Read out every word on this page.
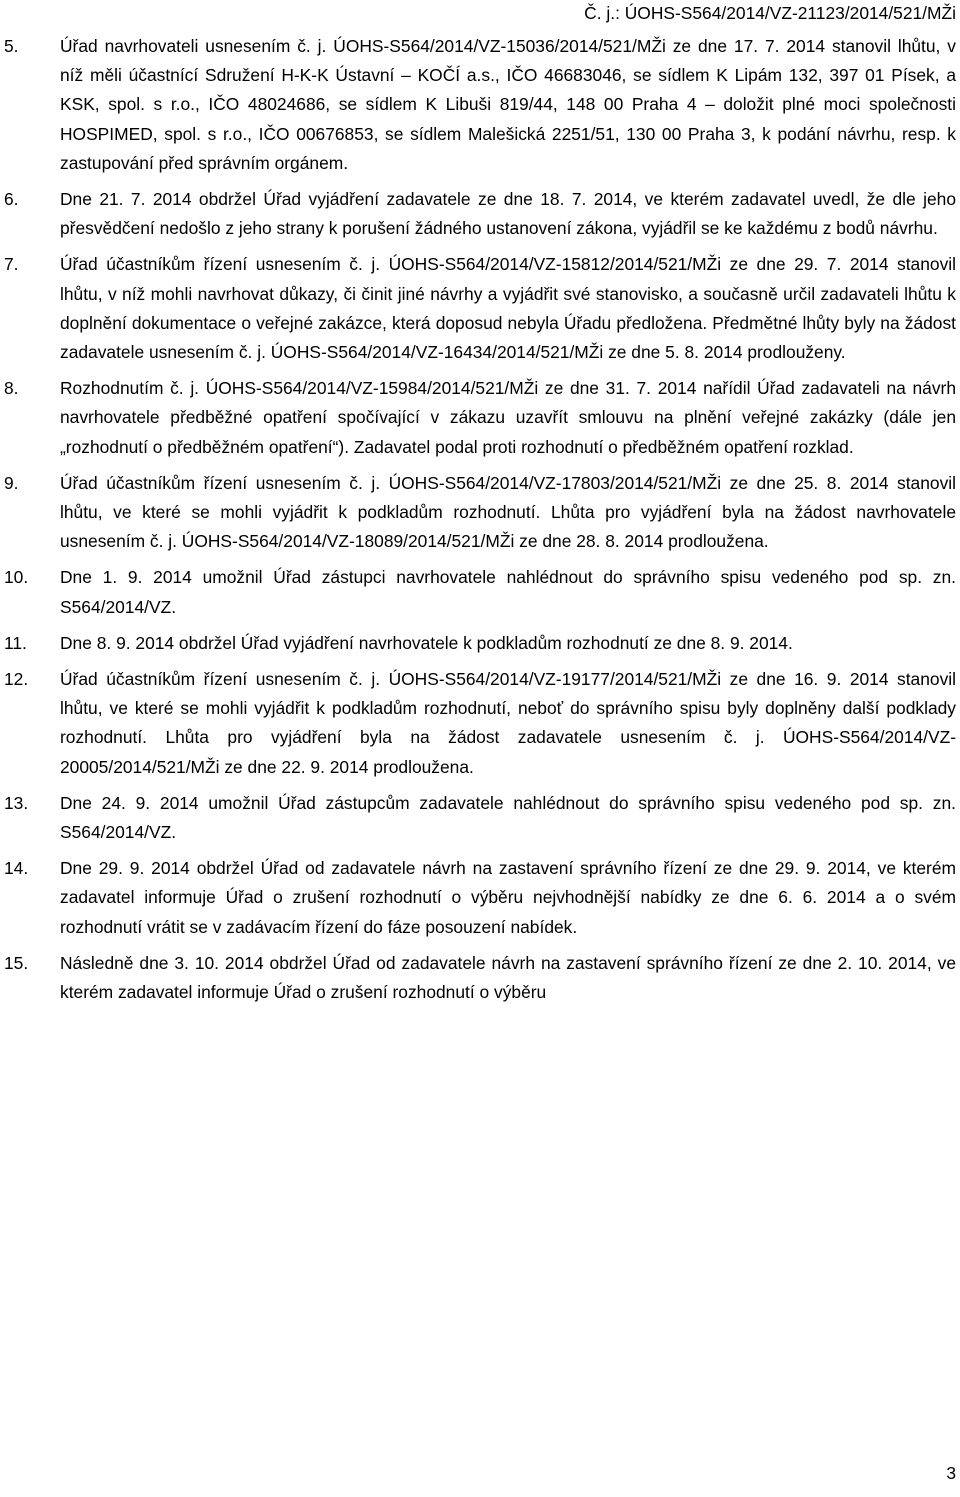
Č. j.: ÚOHS-S564/2014/VZ-21123/2014/521/MŽi
5.	Úřad navrhovateli usnesením č. j. ÚOHS-S564/2014/VZ-15036/2014/521/MŽi ze dne 17. 7. 2014 stanovil lhůtu, v níž měli účastnící Sdružení H-K-K Ústavní – KOČÍ a.s., IČO 46683046, se sídlem K Lipám 132, 397 01 Písek, a KSK, spol. s r.o., IČO 48024686, se sídlem K Libuši 819/44, 148 00 Praha 4 – doložit plné moci společnosti HOSPIMED, spol. s r.o., IČO 00676853, se sídlem Malešická 2251/51, 130 00 Praha 3, k podání návrhu, resp. k zastupování před správním orgánem.
6.	Dne 21. 7. 2014 obdržel Úřad vyjádření zadavatele ze dne 18. 7. 2014, ve kterém zadavatel uvedl, že dle jeho přesvědčení nedošlo z jeho strany k porušení žádného ustanovení zákona, vyjádřil se ke každému z bodů návrhu.
7.	Úřad účastníkům řízení usnesením č. j. ÚOHS-S564/2014/VZ-15812/2014/521/MŽi ze dne 29. 7. 2014 stanovil lhůtu, v níž mohli navrhovat důkazy, či činit jiné návrhy a vyjádřit své stanovisko, a současně určil zadavateli lhůtu k doplnění dokumentace o veřejné zakázce, která doposud nebyla Úřadu předložena. Předmětné lhůty byly na žádost zadavatele usnesením č. j. ÚOHS-S564/2014/VZ-16434/2014/521/MŽi ze dne 5. 8. 2014 prodlouženy.
8.	Rozhodnutím č. j. ÚOHS-S564/2014/VZ-15984/2014/521/MŽi ze dne 31. 7. 2014 nařídil Úřad zadavateli na návrh navrhovatele předběžné opatření spočívající v zákazu uzavřít smlouvu na plnění veřejné zakázky (dále jen „rozhodnutí o předběžném opatření“). Zadavatel podal proti rozhodnutí o předběžném opatření rozklad.
9.	Úřad účastníkům řízení usnesením č. j. ÚOHS-S564/2014/VZ-17803/2014/521/MŽi ze dne 25. 8. 2014 stanovil lhůtu, ve které se mohli vyjádřit k podkladům rozhodnutí. Lhůta pro vyjádření byla na žádost navrhovatele usnesením č. j. ÚOHS-S564/2014/VZ-18089/2014/521/MŽi ze dne 28. 8. 2014 prodloužena.
10.	Dne 1. 9. 2014 umožnil Úřad zástupci navrhovatele nahlédnout do správního spisu vedeného pod sp. zn. S564/2014/VZ.
11.	Dne 8. 9. 2014 obdržel Úřad vyjádření navrhovatele k podkladům rozhodnutí ze dne 8. 9. 2014.
12.	Úřad účastníkům řízení usnesením č. j. ÚOHS-S564/2014/VZ-19177/2014/521/MŽi ze dne 16. 9. 2014 stanovil lhůtu, ve které se mohli vyjádřit k podkladům rozhodnutí, neboť do správního spisu byly doplněny další podklady rozhodnutí. Lhůta pro vyjádření byla na žádost zadavatele usnesením č. j. ÚOHS-S564/2014/VZ-20005/2014/521/MŽi ze dne 22. 9. 2014 prodloužena.
13.	Dne 24. 9. 2014 umožnil Úřad zástupcům zadavatele nahlédnout do správního spisu vedeného pod sp. zn. S564/2014/VZ.
14.	Dne 29. 9. 2014 obdržel Úřad od zadavatele návrh na zastavení správního řízení ze dne 29. 9. 2014, ve kterém zadavatel informuje Úřad o zrušení rozhodnutí o výběru nejvhodnější nabídky ze dne 6. 6. 2014 a o svém rozhodnutí vrátit se v zadávacím řízení do fáze posouzení nabídek.
15.	Následně dne 3. 10. 2014 obdržel Úřad od zadavatele návrh na zastavení správního řízení ze dne 2. 10. 2014, ve kterém zadavatel informuje Úřad o zrušení rozhodnutí o výběru
3
